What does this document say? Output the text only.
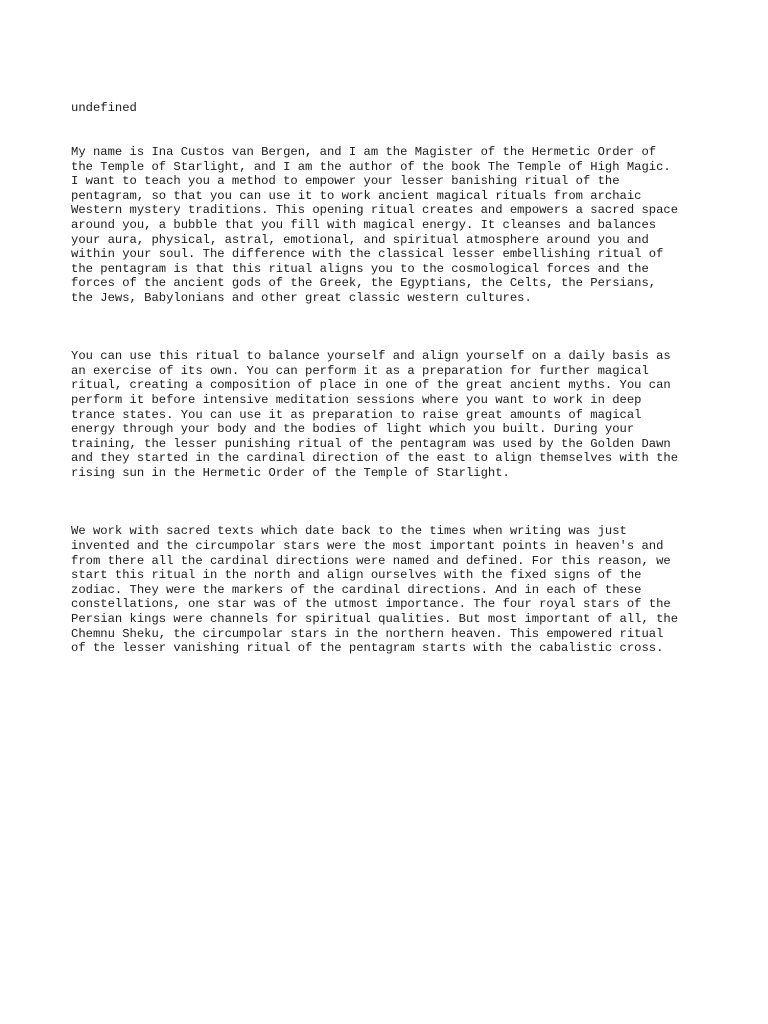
undefined

My name is Ina Custos van Bergen, and I am the Magister of the Hermetic Order of
the Temple of Starlight, and I am the author of the book The Temple of High Magic.
I want to teach you a method to empower your lesser banishing ritual of the
pentagram, so that you can use it to work ancient magical rituals from archaic
Western mystery traditions. This opening ritual creates and empowers a sacred space
around you, a bubble that you fill with magical energy. It cleanses and balances
your aura, physical, astral, emotional, and spiritual atmosphere around you and
within your soul. The difference with the classical lesser embellishing ritual of
the pentagram is that this ritual aligns you to the cosmological forces and the
forces of the ancient gods of the Greek, the Egyptians, the Celts, the Persians,
the Jews, Babylonians and other great classic western cultures.

You can use this ritual to balance yourself and align yourself on a daily basis as
an exercise of its own. You can perform it as a preparation for further magical
ritual, creating a composition of place in one of the great ancient myths. You can
perform it before intensive meditation sessions where you want to work in deep
trance states. You can use it as preparation to raise great amounts of magical
energy through your body and the bodies of light which you built. During your
training, the lesser punishing ritual of the pentagram was used by the Golden Dawn
and they started in the cardinal direction of the east to align themselves with the
rising sun in the Hermetic Order of the Temple of Starlight.

We work with sacred texts which date back to the times when writing was just
invented and the circumpolar stars were the most important points in heaven's and
from there all the cardinal directions were named and defined. For this reason, we
start this ritual in the north and align ourselves with the fixed signs of the
zodiac. They were the markers of the cardinal directions. And in each of these
constellations, one star was of the utmost importance. The four royal stars of the
Persian kings were channels for spiritual qualities. But most important of all, the
Chemnu Sheku, the circumpolar stars in the northern heaven. This empowered ritual
of the lesser vanishing ritual of the pentagram starts with the cabalistic cross.
